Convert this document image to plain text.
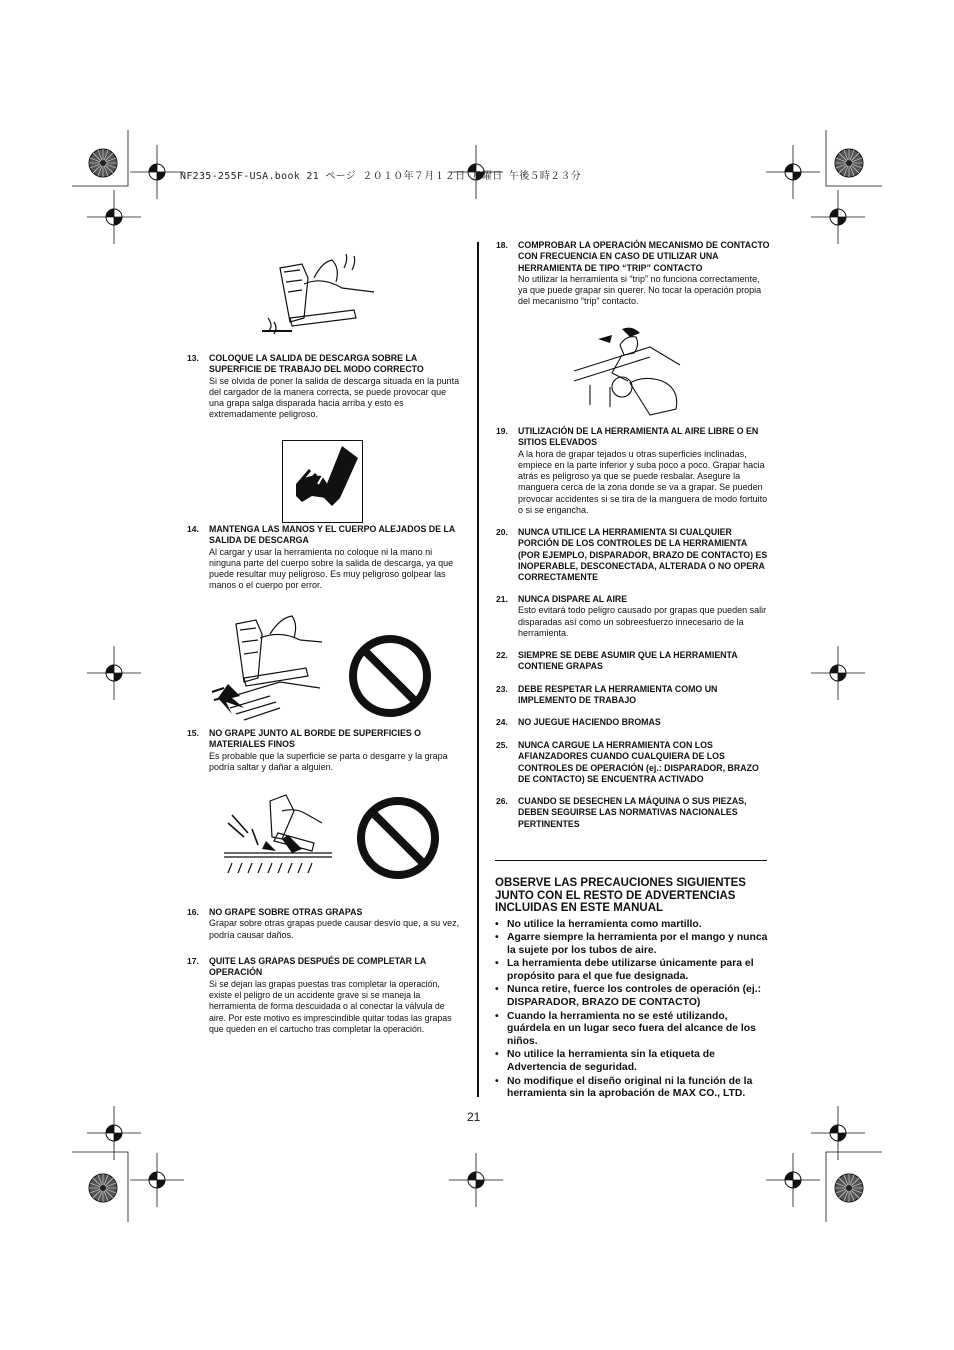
NF235-255F-USA.book 21 ページ ２０１０年７月１２日 月曜日 午後５時２３分
13. COLOQUE LA SALIDA DE DESCARGA SOBRE LA SUPERFICIE DE TRABAJO DEL MODO CORRECTO
Si se olvida de poner la salida de descarga situada en la punta del cargador de la manera correcta, se puede provocar que una grapa salga disparada hacia arriba y esto es extremadamente peligroso.
14. MANTENGA LAS MANOS Y EL CUERPO ALEJADOS DE LA SALIDA DE DESCARGA
Al cargar y usar la herramienta no coloque ni la mano ni ninguna parte del cuerpo sobre la salida de descarga, ya que puede resultar muy peligroso. Es muy peligroso golpear las manos o el cuerpo por error.
15. NO GRAPE JUNTO AL BORDE DE SUPERFICIES O MATERIALES FINOS
Es probable que la superficie se parta o desgarre y la grapa podría saltar y dañar a alguien.
16. NO GRAPE SOBRE OTRAS GRAPAS
Grapar sobre otras grapas puede causar desvío que, a su vez, podría causar daños.
17. QUITE LAS GRAPAS DESPUÉS DE COMPLETAR LA OPERACIÓN
Si se dejan las grapas puestas tras completar la operación, existe el peligro de un accidente grave si se maneja la herramienta de forma descuidada o al conectar la válvula de aire. Por este motivo es imprescindible quitar todas las grapas que queden en el cartucho tras completar la operación.
18. COMPROBAR LA OPERACIÓN MECANISMO DE CONTACTO CON FRECUENCIA EN CASO DE UTILIZAR UNA HERRAMIENTA DE TIPO “TRIP” CONTACTO
No utilizar la herramienta si “trip” no funciona correctamente, ya que puede grapar sin querer. No tocar la operación propia del mecanismo “trip” contacto.
19. UTILIZACIÓN DE LA HERRAMIENTA AL AIRE LIBRE O EN SITIOS ELEVADOS
A la hora de grapar tejados u otras superficies inclinadas, empiece en la parte inferior y suba poco a poco. Grapar hacia atrás es peligroso ya que se puede resbalar. Asegure la manguera cerca de la zona donde se va a grapar. Se pueden provocar accidentes si se tira de la manguera de modo fortuito o si se engancha.
20. NUNCA UTILICE LA HERRAMIENTA SI CUALQUIER PORCIÓN DE LOS CONTROLES DE LA HERRAMIENTA (POR EJEMPLO, DISPARADOR, BRAZO DE CONTACTO) ES INOPERABLE, DESCONECTADA, ALTERADA O NO OPERA CORRECTAMENTE
21. NUNCA DISPARE AL AIRE
Esto evitará todo peligro causado por grapas que pueden salir disparadas así como un sobreesfuerzo innecesario de la herramienta.
22. SIEMPRE SE DEBE ASUMIR QUE LA HERRAMIENTA CONTIENE GRAPAS
23. DEBE RESPETAR LA HERRAMIENTA COMO UN IMPLEMENTO DE TRABAJO
24. NO JUEGUE HACIENDO BROMAS
25. NUNCA CARGUE LA HERRAMIENTA CON LOS AFIANZADORES CUANDO CUALQUIERA DE LOS CONTROLES DE OPERACIÓN (ej.: DISPARADOR, BRAZO DE CONTACTO) SE ENCUENTRA ACTIVADO
26. CUANDO SE DESECHEN LA MÁQUINA O SUS PIEZAS, DEBEN SEGUIRSE LAS NORMATIVAS NACIONALES PERTINENTES
OBSERVE LAS PRECAUCIONES SIGUIENTES JUNTO CON EL RESTO DE ADVERTENCIAS INCLUIDAS EN ESTE MANUAL
• No utilice la herramienta como martillo.
• Agarre siempre la herramienta por el mango y nunca la sujete por los tubos de aire.
• La herramienta debe utilizarse únicamente para el propósito para el que fue designada.
• Nunca retire, fuerce los controles de operación (ej.: DISPARADOR, BRAZO DE CONTACTO)
• Cuando la herramienta no se esté utilizando, guárdela en un lugar seco fuera del alcance de los niños.
• No utilice la herramienta sin la etiqueta de Advertencia de seguridad.
• No modifique el diseño original ni la función de la herramienta sin la aprobación de MAX CO., LTD.
21
